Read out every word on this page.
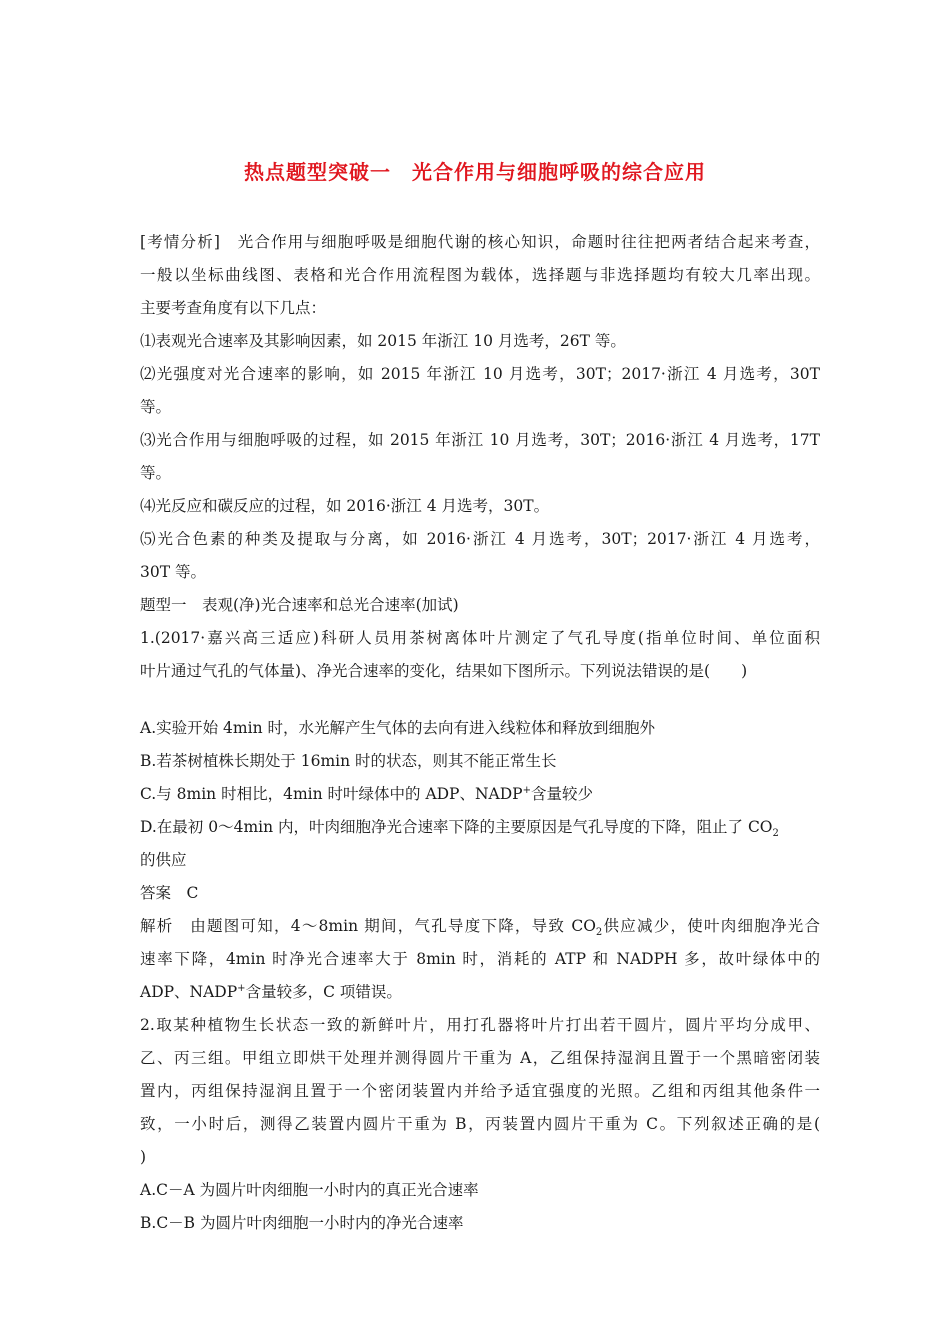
热点题型突破一　光合作用与细胞呼吸的综合应用
[考情分析]　光合作用与细胞呼吸是细胞代谢的核心知识，命题时往往把两者结合起来考查，
一般以坐标曲线图、表格和光合作用流程图为载体，选择题与非选择题均有较大几率出现。
主要考查角度有以下几点：
⑴表观光合速率及其影响因素，如 2015 年浙江 10 月选考，26T 等。
⑵光强度对光合速率的影响，如 2015 年浙江 10 月选考，30T；2017·浙江 4 月选考，30T
等。
⑶光合作用与细胞呼吸的过程，如 2015 年浙江 10 月选考，30T；2016·浙江 4 月选考，17T
等。
⑷光反应和碳反应的过程，如 2016·浙江 4 月选考，30T。
⑸光合色素的种类及提取与分离，如 2016·浙江 4 月选考，30T；2017·浙江 4 月选考，
30T 等。
题型一　表观(净)光合速率和总光合速率(加试)
1.(2017·嘉兴高三适应)科研人员用茶树离体叶片测定了气孔导度(指单位时间、单位面积
叶片通过气孔的气体量)、净光合速率的变化，结果如下图所示。下列说法错误的是(　　)
A.实验开始 4min 时，水光解产生气体的去向有进入线粒体和释放到细胞外
B.若茶树植株长期处于 16min 时的状态，则其不能正常生长
C.与 8min 时相比，4min 时叶绿体中的 ADP、NADP+含量较少
D.在最初 0～4min 内，叶肉细胞净光合速率下降的主要原因是气孔导度的下降，阻止了 $CO_2$
的供应
答案　C
解析　由题图可知，4～8min 期间，气孔导度下降，导致 $CO_2$供应减少，使叶肉细胞净光合
速率下降，4min 时净光合速率大于 8min 时，消耗的 ATP 和 NADPH 多，故叶绿体中的
ADP、NADP+含量较多，C 项错误。
2.取某种植物生长状态一致的新鲜叶片，用打孔器将叶片打出若干圆片，圆片平均分成甲、
乙、丙三组。甲组立即烘干处理并测得圆片干重为 A，乙组保持湿润且置于一个黑暗密闭装
置内，丙组保持湿润且置于一个密闭装置内并给予适宜强度的光照。乙组和丙组其他条件一
致，一小时后，测得乙装置内圆片干重为 B，丙装置内圆片干重为 C。下列叙述正确的是(
)
A.C－A 为圆片叶肉细胞一小时内的真正光合速率
B.C－B 为圆片叶肉细胞一小时内的净光合速率
